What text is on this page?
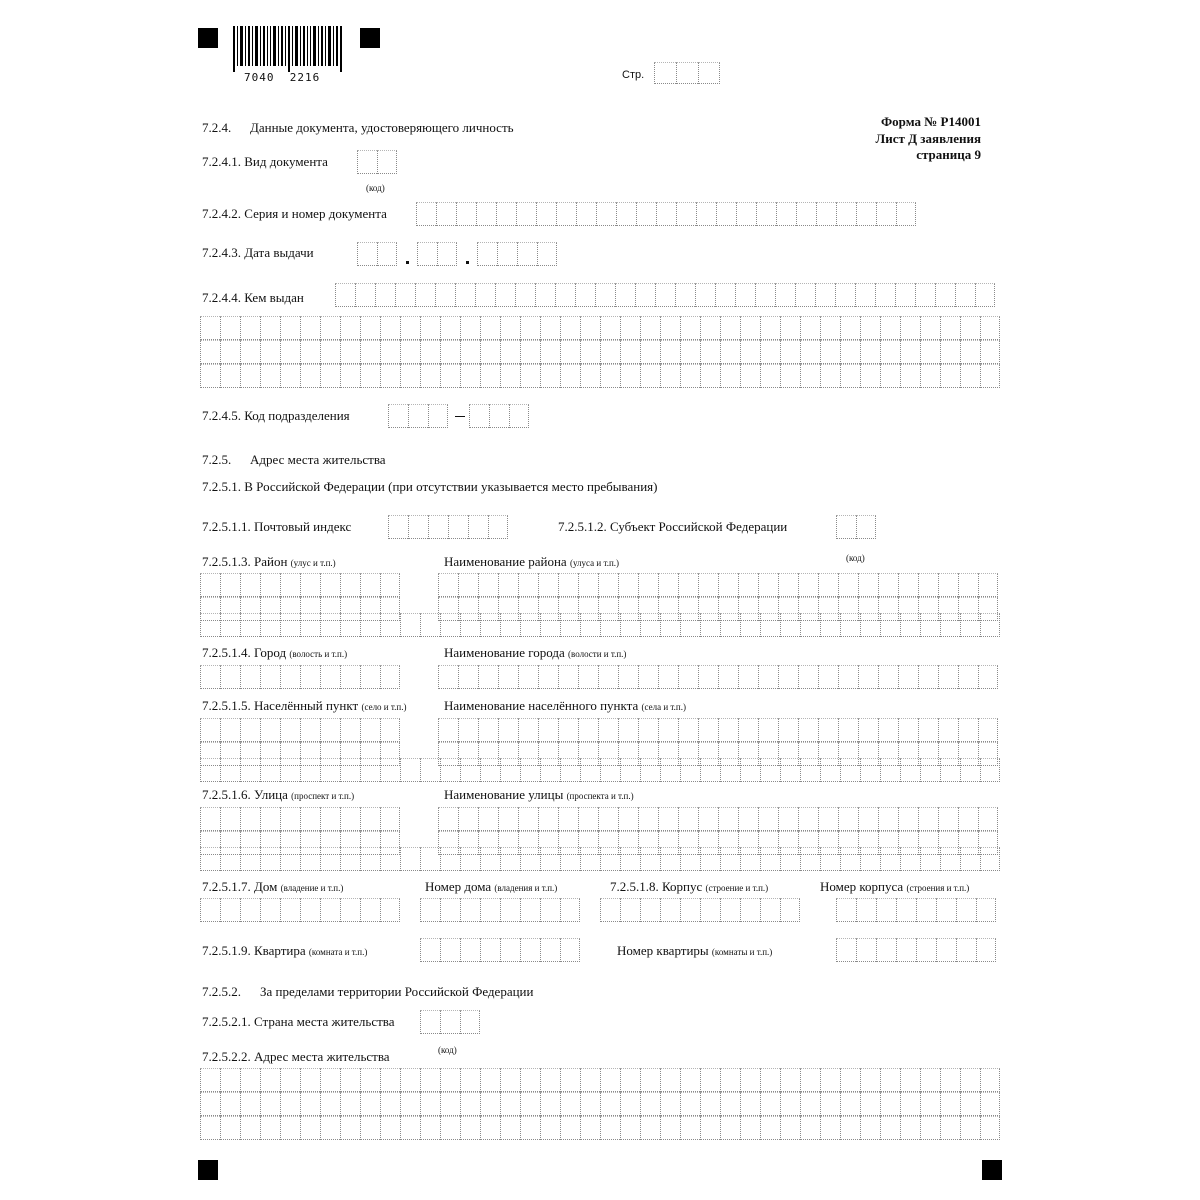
7040  2216	Стр.
Форма № Р14001
Лист Д заявления
страница 9
7.2.4. Данные документа, удостоверяющего личность
7.2.4.1. Вид документа
(код)
7.2.4.2. Серия и номер документа
7.2.4.3. Дата выдачи
7.2.4.4. Кем выдан
7.2.4.5. Код подразделения
7.2.5. Адрес места жительства
7.2.5.1. В Российской Федерации (при отсутствии указывается место пребывания)
7.2.5.1.1. Почтовый индекс	7.2.5.1.2. Субъект Российской Федерации
(код)
7.2.5.1.3. Район (улус и т.п.)	Наименование района (улуса и т.п.)
7.2.5.1.4. Город (волость и т.п.)	Наименование города (волости и т.п.)
7.2.5.1.5. Населённый пункт (село и т.п.)	Наименование населённого пункта (села и т.п.)
7.2.5.1.6. Улица (проспект и т.п.)	Наименование улицы (проспекта и т.п.)
7.2.5.1.7. Дом (владение и т.п.)	Номер дома (владения и т.п.)	7.2.5.1.8. Корпус (строение и т.п.)	Номер корпуса (строения и т.п.)
7.2.5.1.9. Квартира (комната и т.п.)	Номер квартиры (комнаты и т.п.)
7.2.5.2. За пределами территории Российской Федерации
7.2.5.2.1. Страна места жительства
(код)
7.2.5.2.2. Адрес места жительства
